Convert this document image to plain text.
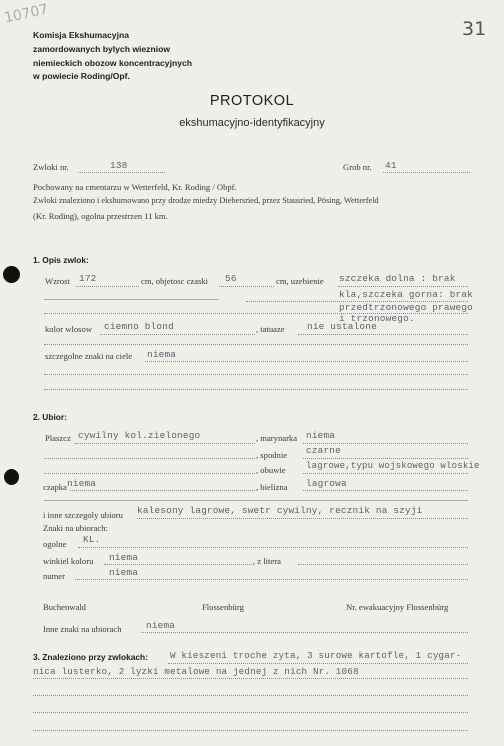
10707
31
Komisja Ekshumacyjna
zamordowanych bylych wiezniow
niemieckich obozow koncentracyjnych
w powiecie Roding/Opf.
PROTOKOL
ekshumacyjno-identyfikacyjny
Zwloki nr.	138	Grob nr. 41
Pochowany na cmentarzu w Wetterfeld, Kr. Roding / Obpf.
Zwloki znaleziono i ekshumowano przy drodze miedzy Diebersried, przez Stausried, Pösing, Wetterfeld
(Kr. Roding), ogolna przestrzen 11 km.
1. Opis zwlok:
Wzrost 172	cm, objetosc czaski 56	cm, uzebienie szczeka dolna : brak
kla,szczeka gorna: brak
przedtrzonowego prawego
i trzonowego.
kolor wlosow ciemno blond	, tatuaze nie ustalone
szczegolne znaki na ciele niema
2. Ubior:
Plaszcz cywilny kol.zielonego	, marynarka niema
, spodnie czarne
, obuwie lagrowe,typu wojskowego wloskie
czapka niema	, bielizna lagrowa
i inne szczegoly ubioru kalesony lagrowe, swetr cywilny, recznik na szyji
Znaki na ubiorach:
ogolne KL.
winkiel koloru niema	, z litera
numer	niema
Buchenwald	Flossenbürg	Nr. ewakuacyjny Flossenbürg
Inne znaki na ubiorach	niema
3. Znaleziono przy zwlokach: W kieszeni troche zyta, 3 surowe kartofle, 1 cygar-
nica lusterko, 2 lyzki metalowe na jednej z nich Nr. 1068
